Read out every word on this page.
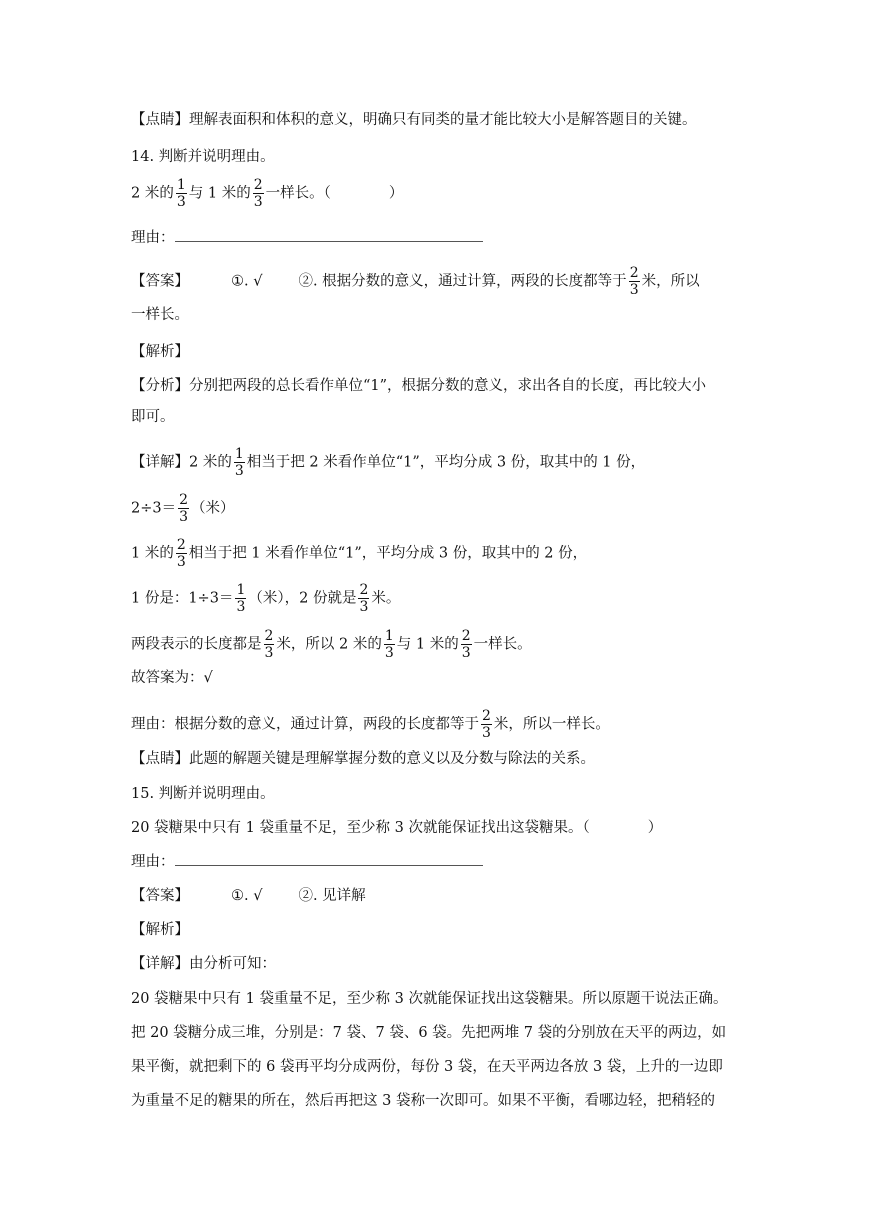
【点睛】理解表面积和体积的意义，明确只有同类的量才能比较大小是解答题目的关键。
14. 判断并说明理由。
2 米的 $\frac{1}{3}$ 与 1 米的 $\frac{2}{3}$ 一样长。（	）
理由：
【答案】	①. √ ②. 根据分数的意义，通过计算，两段的长度都等于 $\frac{2}{3}$ 米，所以
一样长。
【解析】
【分析】分别把两段的总长看作单位“1”，根据分数的意义，求出各自的长度，再比较大小
即可。
【详解】2 米的 $\frac{1}{3}$ 相当于把 2 米看作单位“1”，平均分成 3 份，取其中的 1 份，
$2\div 3= \frac{2}{3}$ （米）
1 米的 $\frac{2}{3}$ 相当于把 1 米看作单位“1”，平均分成 3 份，取其中的 2 份，
1 份是：$1\div 3= \frac{1}{3}$ （米），2 份就是 $\frac{2}{3}$ 米。
两段表示的长度都是 $\frac{2}{3}$ 米，所以 2 米的 $\frac{1}{3}$ 与 1 米的 $\frac{2}{3}$ 一样长。
故答案为：√
理由：根据分数的意义，通过计算，两段的长度都等于 $\frac{2}{3}$ 米，所以一样长。
【点睛】此题的解题关键是理解掌握分数的意义以及分数与除法的关系。
15. 判断并说明理由。
20 袋糖果中只有 1 袋重量不足，至少称 3 次就能保证找出这袋糖果。（	）
理由：
【答案】	①. √ ②. 见详解
【解析】
【详解】由分析可知：
20 袋糖果中只有 1 袋重量不足，至少称 3 次就能保证找出这袋糖果。所以原题干说法正确。
把 20 袋糖分成三堆，分别是：7 袋、7 袋、6 袋。先把两堆 7 袋的分别放在天平的两边，如
果平衡，就把剩下的 6 袋再平均分成两份，每份 3 袋，在天平两边各放 3 袋，上升的一边即
为重量不足的糖果的所在，然后再把这 3 袋称一次即可。如果不平衡，看哪边轻，把稍轻的
